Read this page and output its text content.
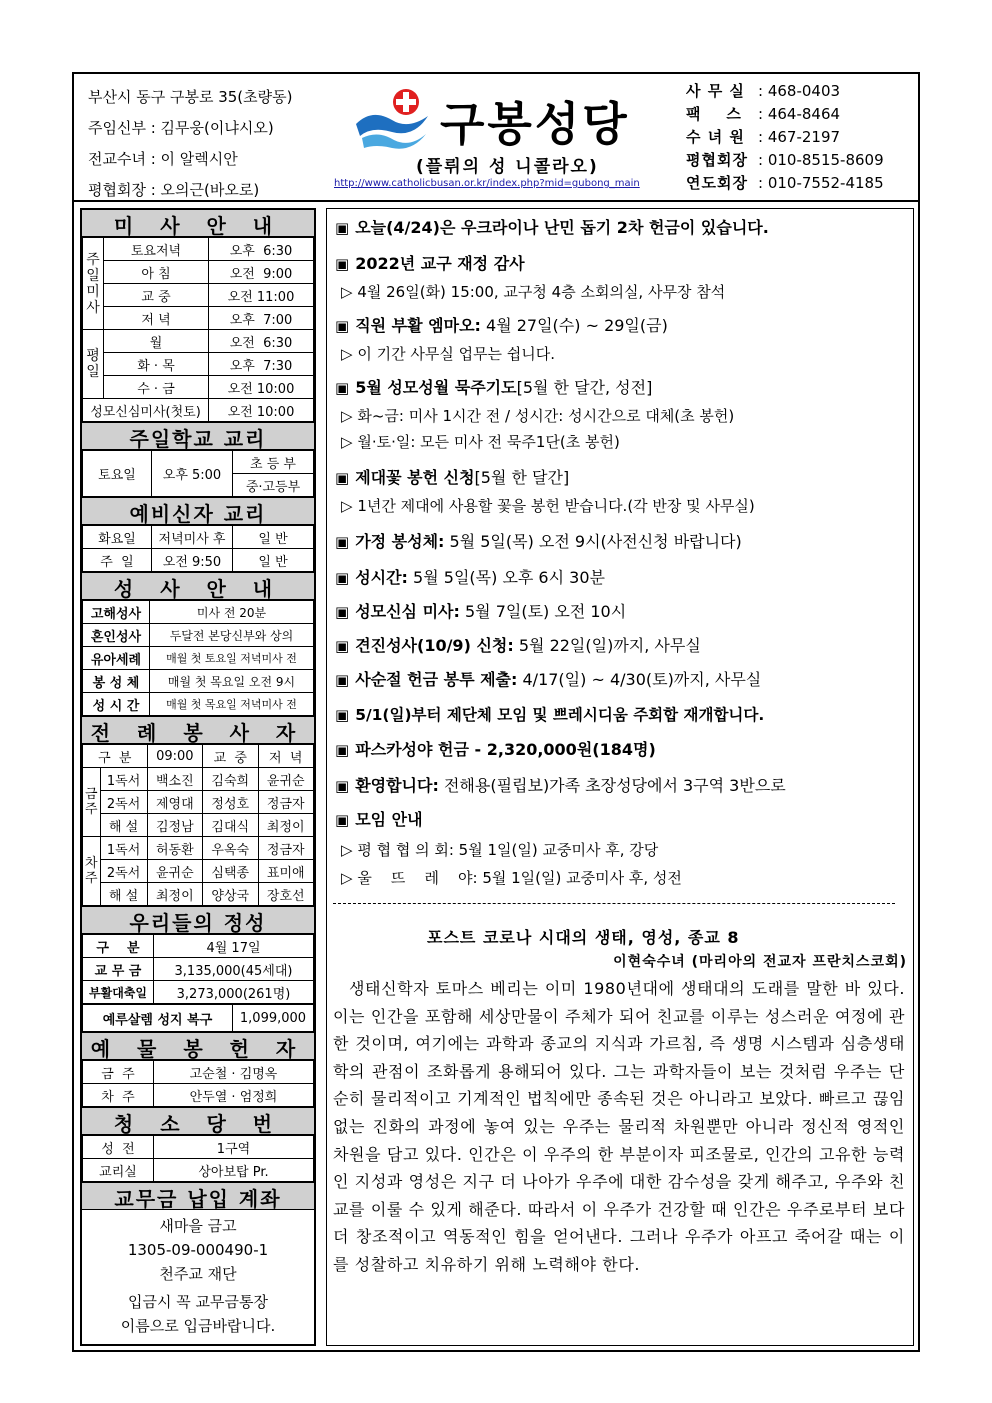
부산시 동구 구봉로 35(초량동)
주임신부 : 김무웅(이냐시오)
전교수녀 : 이 알렉시안
평협회장 : 오의근(바오로)
구봉성당
(플뤼의 성 니콜라오)
http://www.catholicbusan.or.kr/index.php?mid=gubong_main
사 무 실 : 468-0403
팩    스	: 464-8464
수 녀 원 : 467-2197
평협회장 : 010-8515-8609
연도회장 : 010-7552-4185
미 사 안 내
주일미사	토요저녁	오후  6:30
	아 침	오전  9:00
	교 중	오전 11:00
	저 녁	오후  7:00
평일	월	오전  6:30
	화 · 목	오후  7:30
	수 · 금	오전 10:00
성모신심미사(첫토)		오전 10:00
주일학교 교리
토요일	오후 5:00	초 등 부
중·고등부
예비신자 교리
화요일	저녁미사 후	일 반
주  일	오전 9:50	일 반
성 사 안 내
고해성사	미사 전 20분
혼인성사	두달전 본당신부와 상의
유아세례	매월 첫 토요일 저녁미사 전
봉 성 체	매월 첫 목요일 오전 9시
성 시 간	매월 첫 목요일 저녁미사 전
전 례 봉 사 자
구  분		09:00	교  중	저  녁
금주	1독서	백소진	김숙희	윤귀순
	2독서	제영대	정성호	정금자
	해 설	김정남	김대식	최정이
차주	1독서	허동환	우옥숙	정금자
	2독서	윤귀순	심택종	표미애
	해 설	최정이	양상국	장호선
우리들의 정성
구    분	4월 17일
교 무 금	3,135,000(45세대)
부활대축일	3,273,000(261명)
예루살렘 성지 복구	1,099,000
예 물 봉 헌 자
금  주	고순철 · 김명옥
차  주	안두열 · 엄정희
청 소 당 번
성  전	1구역
교리실	상아보탑 Pr.
교무금 납입 계좌
새마을 금고
1305-09-000490-1
천주교 재단
입금시 꼭 교무금통장
이름으로 입금바랍니다.
▣ 오늘(4/24)은 우크라이나 난민 돕기 2차 헌금이 있습니다.
▣ 2022년 교구 재정 감사
▷ 4월 26일(화) 15:00, 교구청 4층 소회의실, 사무장 참석
▣ 직원 부활 엠마오: 4월 27일(수) ~ 29일(금)
▷ 이 기간 사무실 업무는 쉽니다.
▣ 5월 성모성월 묵주기도[5월 한 달간, 성전]
▷ 화~금: 미사 1시간 전 / 성시간: 성시간으로 대체(초 봉헌)
▷ 월·토·일: 모든 미사 전 묵주1단(초 봉헌)
▣ 제대꽃 봉헌 신청[5월 한 달간]
▷ 1년간 제대에 사용할 꽃을 봉헌 받습니다.(각 반장 및 사무실)
▣ 가정 봉성체: 5월 5일(목) 오전 9시(사전신청 바랍니다)
▣ 성시간: 5월 5일(목) 오후 6시 30분
▣ 성모신심 미사: 5월 7일(토) 오전 10시
▣ 견진성사(10/9) 신청: 5월 22일(일)까지, 사무실
▣ 사순절 헌금 봉투 제출: 4/17(일) ~ 4/30(토)까지, 사무실
▣ 5/1(일)부터 제단체 모임 및 쁘레시디움 주회합 재개합니다.
▣ 파스카성야 헌금 - 2,320,000원(184명)
▣ 환영합니다: 전해용(필립보)가족 초장성당에서 3구역 3반으로
▣ 모임 안내
▷ 평 협 협 의 회: 5월 1일(일) 교중미사 후, 강당
▷ 울    뜨    레    야: 5월 1일(일) 교중미사 후, 성전
포스트 코로나 시대의 생태, 영성, 종교 8
이현숙수녀 (마리아의 전교자 프란치스코회)
생태신학자 토마스 베리는 이미 1980년대에 생태대의 도래를 말한 바 있다. 이는 인간을 포함해 세상만물이 주체가 되어 친교를 이루는 성스러운 여정에 관한 것이며, 여기에는 과학과 종교의 지식과 가르침, 즉 생명 시스템과 심층생태학의 관점이 조화롭게 용해되어 있다. 그는 과학자들이 보는 것처럼 우주는 단순히 물리적이고 기계적인 법칙에만 종속된 것은 아니라고 보았다. 빠르고 끊임없는 진화의 과정에 놓여 있는 우주는 물리적 차원뿐만 아니라 정신적 영적인 차원을 담고 있다. 인간은 이 우주의 한 부분이자 피조물로, 인간의 고유한 능력인 지성과 영성은 지구 더 나아가 우주에 대한 감수성을 갖게 해주고, 우주와 친교를 이룰 수 있게 해준다. 따라서 이 우주가 건강할 때 인간은 우주로부터 보다 더 창조적이고 역동적인 힘을 얻어낸다. 그러나 우주가 아프고 죽어갈 때는 이를 성찰하고 치유하기 위해 노력해야 한다.
